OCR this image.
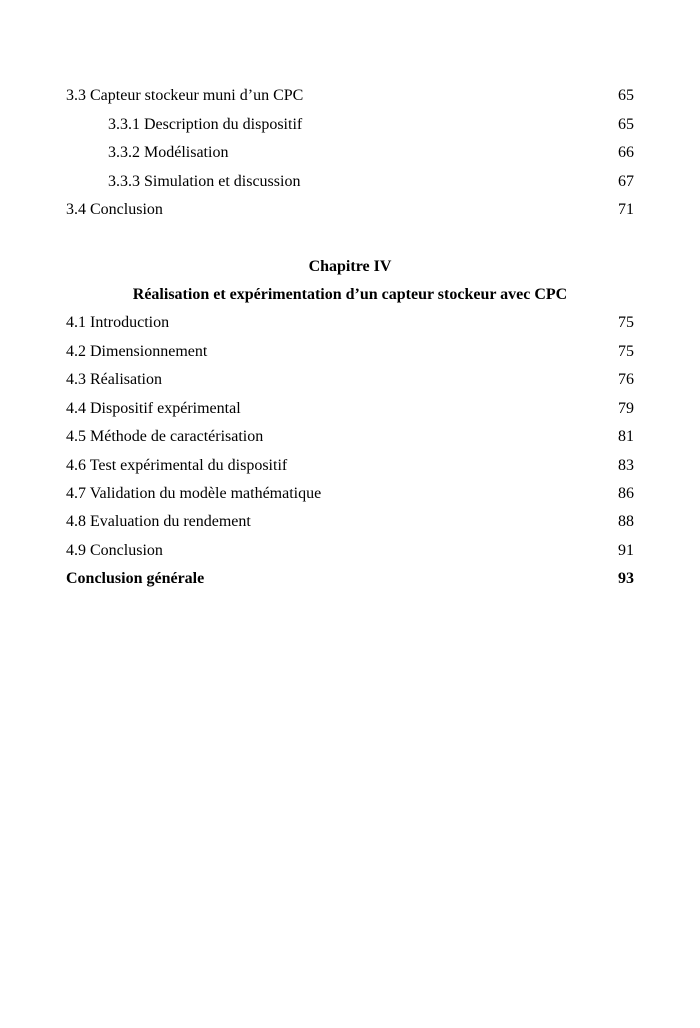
3.3 Capteur stockeur muni d’un CPC	65
3.3.1 Description du dispositif	65
3.3.2 Modélisation	66
3.3.3 Simulation et discussion	67
3.4 Conclusion	71
Chapitre IV
Réalisation et expérimentation d’un capteur stockeur avec CPC
4.1 Introduction	75
4.2 Dimensionnement	75
4.3 Réalisation	76
4.4 Dispositif expérimental	79
4.5 Méthode de caractérisation	81
4.6 Test expérimental du dispositif	83
4.7 Validation du modèle mathématique	86
4.8 Evaluation du rendement	88
4.9 Conclusion	91
Conclusion générale	93
